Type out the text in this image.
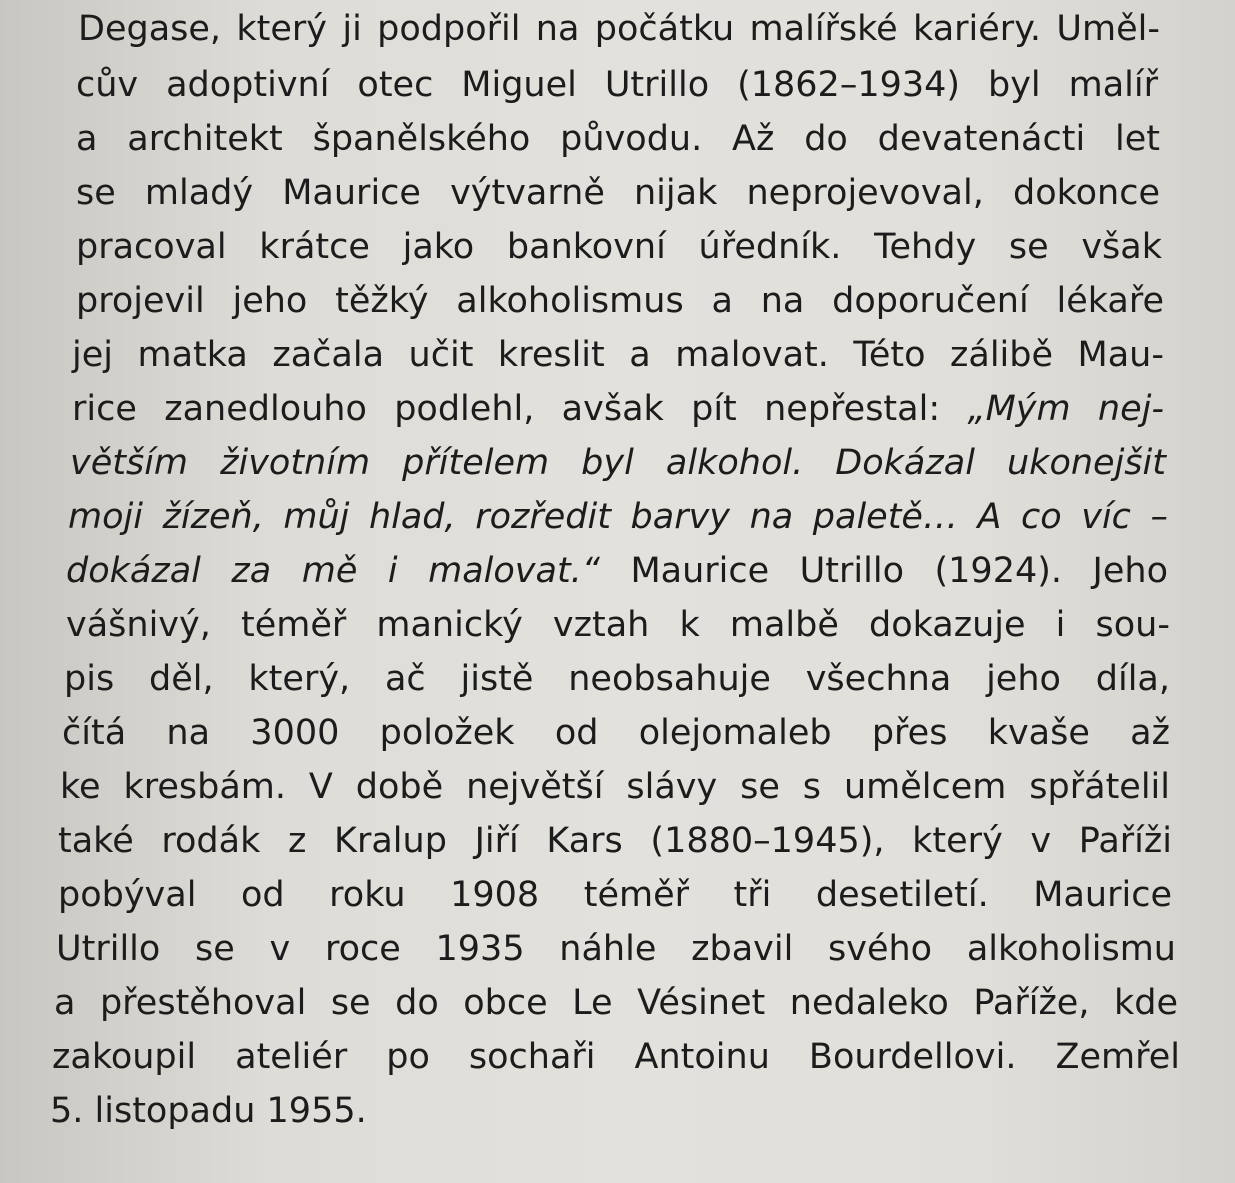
Degase, který ji podpořil na počátku malířské kariéry. Uměl-
cův adoptivní otec Miguel Utrillo (1862–1934) byl malíř
a architekt španělského původu. Až do devatenácti let
se mladý Maurice výtvarně nijak neprojevoval, dokonce
pracoval krátce jako bankovní úředník. Tehdy se však
projevil jeho těžký alkoholismus a na doporučení lékaře
jej matka začala učit kreslit a malovat. Této zálibě Mau-
rice zanedlouho podlehl, avšak pít nepřestal: „Mým nej-
větším životním přítelem byl alkohol. Dokázal ukonejšit
moji žízeň, můj hlad, rozředit barvy na paletě… A co víc –
dokázal za mě i malovat.“ Maurice Utrillo (1924). Jeho
vášnivý, téměř manický vztah k malbě dokazuje i sou-
pis děl, který, ač jistě neobsahuje všechna jeho díla,
čítá na 3000 položek od olejomaleb přes kvaše až
ke kresbám. V době největší slávy se s umělcem spřátelil
také rodák z Kralup Jiří Kars (1880–1945), který v Paříži
pobýval od roku 1908 téměř tři desetiletí. Maurice
Utrillo se v roce 1935 náhle zbavil svého alkoholismu
a přestěhoval se do obce Le Vésinet nedaleko Paříže, kde
zakoupil ateliér po sochaři Antoinu Bourdellovi. Zemřel
5. listopadu 1955.
